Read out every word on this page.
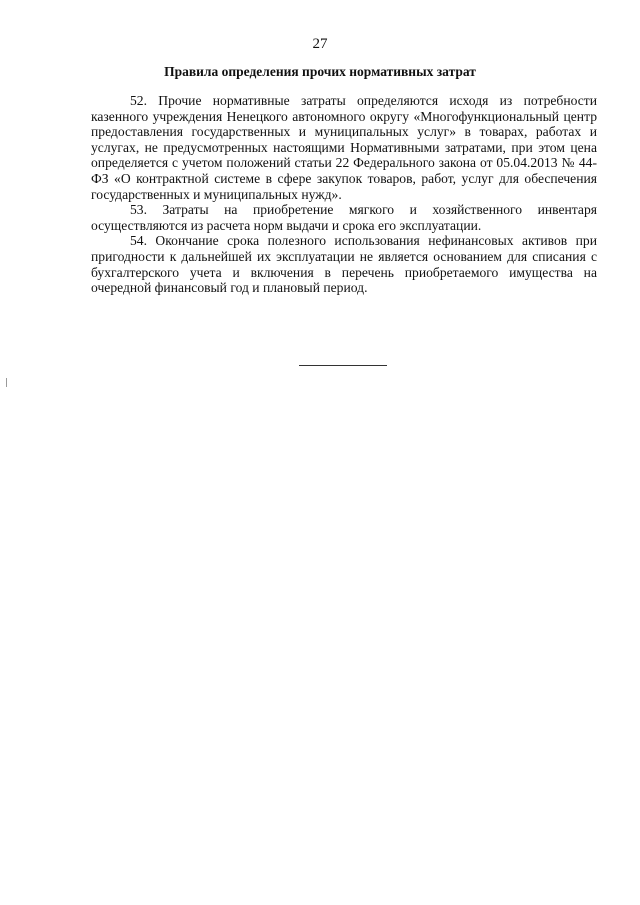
27
Правила определения прочих нормативных затрат

52. Прочие нормативные затраты определяются исходя из потребности казенного учреждения Ненецкого автономного округу «Многофункциональный центр предоставления государственных и муниципальных услуг» в товарах, работах и услугах, не предусмотренных настоящими Нормативными затратами, при этом цена определяется с учетом положений статьи 22 Федерального закона от 05.04.2013 № 44-ФЗ «О контрактной системе в сфере закупок товаров, работ, услуг для обеспечения государственных и муниципальных нужд».

53. Затраты на приобретение мягкого и хозяйственного инвентаря осуществляются из расчета норм выдачи и срока его эксплуатации.

54. Окончание срока полезного использования нефинансовых активов при пригодности к дальнейшей их эксплуатации не является основанием для списания с бухгалтерского учета и включения в перечень приобретаемого имущества на очередной финансовый год и плановый период.
